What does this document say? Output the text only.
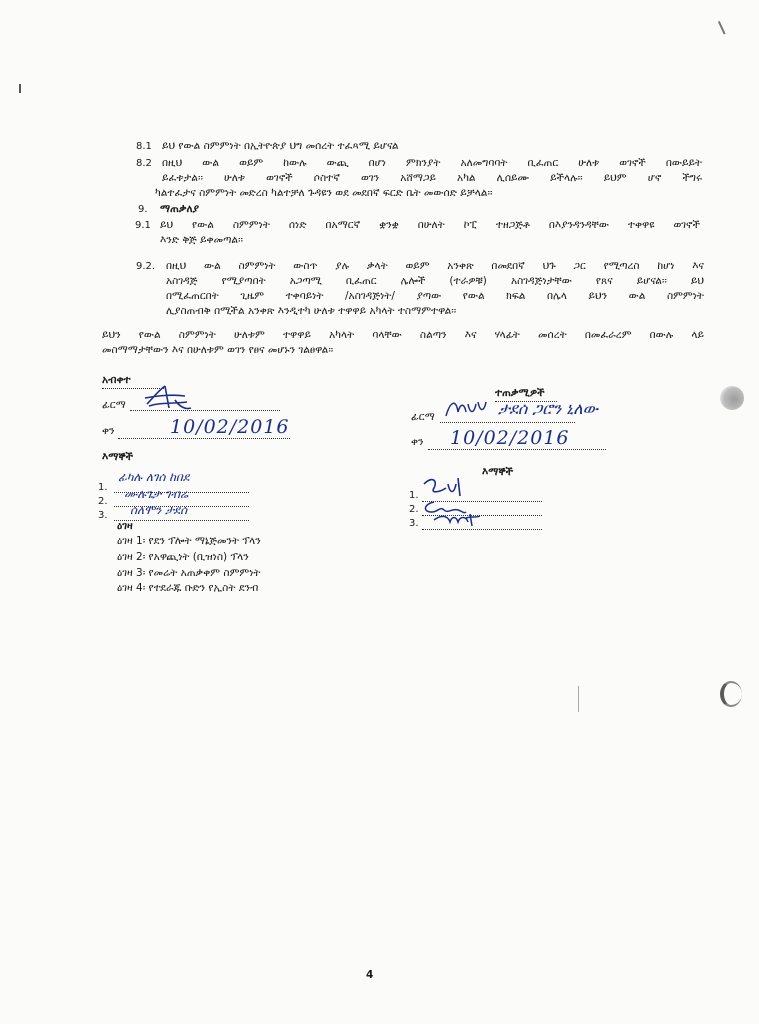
8.1 ይህ የውል ስምምነት በኢትዮጵያ ህግ መሰረት ተፈጻሚ ይሆናል
8.2 በዚህ ውል ወይም ከውሉ ውጪ በሆነ ምክንያት አለመግባባት ቢፈጠር ሁለቱ ወገኖች በውይይት
ይፈቱታል፡፡ ሁለቱ ወገኖች ሶስተኛ ወገን አሸማጋይ አካል ሊሰይሙ ይችላሉ፡፡ ይህም ሆኖ ችግሩ
ካልተፈታና ስምምነት መድረስ ካልተቻለ ጉዳዩን ወደ መደበኛ ፍርድ ቤት መውሰድ ይቻላል፡፡
9. ማጠቃለያ
9.1 ይህ የውል ስምምነት ሰነድ በአማርኛ ቋንቋ በሁለት ኮፒ ተዘጋጅቶ በእያንዳንዳቸው ተቀዋዩ ወገኖች
እንድ ቅጅ ይቀመጣል፡፡
9.2. በዚህ ውል ስምምነት ውስጥ ያሉ ቃላት ወይም አንቀጽ በመደበኛ ህጉ ጋር የሚጣረስ ከሆነ እና
አስገዳጅ የሚያጣበት አጋጣሚ ቢፈጠር ሌሎች (ተራዎቹ) አስገዳጅነታቸው የጸና ይሆናል፡፡ ይህ
በሚፈጠርበት ጊዜም ተቀባይነት /አስገዳጅነት/ ያጣው የውል ክፍል በሌላ ይህን ውል ስምምነት
ሊያስጠብቅ በሚችል አንቀጽ እንዲተካ ሁለቱ ተዋዋይ አካላት ተስማምተዋል፡፡
ይህን የውል ስምምነት ሁለቱም ተዋዋይ አካላት ባላቸው ስልጣን እና ሃላፊት መሰረት በመፈራረም በውሉ ላይ
መስማማታቸውን እና በሁለቱም ወገን የፀና መሆኑን ገልፀዋል፡፡
አብቀተ
ፊርማ
ቀን	10/02/2016
እማኞች
1.
2.
3.
ፊካሉ ለገሰ ከበደ
ሙሉጌታ ገብሬ
ሰለሞን ታደሰ
ዕገዛ
ዕገዛ 1፡ የደን ፕሎት ማኔጅመንት ፕላን
ዕገዛ 2፡ የአዋጪነት (ቢዝነስ) ፕላን
ዕገዛ 3፡ የመሬት አጠቃቀም ስምምነት
ዕገዛ 4፡ የተደራጁ ቡድን የኢስት ደንብ
ተጠቃሚዎች
ፊርማ	ታደሰ ጋሮን ኒለው
ቀን 10/02/2016
እማኞች
1.
2.
3.
4
